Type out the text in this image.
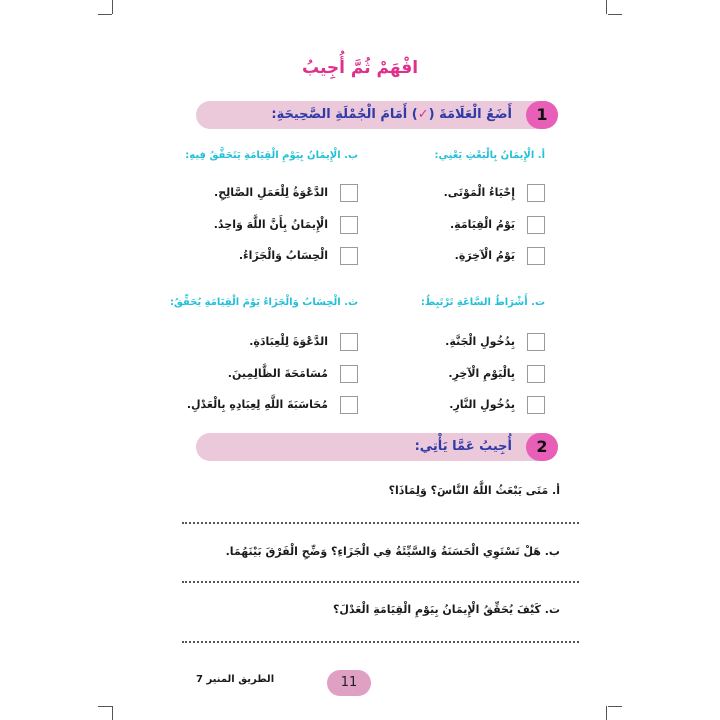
افْهَمْ ثُمَّ أُجِيبُ
1
أَضَعُ الْعَلَامَةَ (✓) أَمَامَ الْجُمْلَةِ الصَّحِيحَةِ:
أ. الْإِيمَانُ بِالْبَعْثِ يَعْنِي:
إِحْيَاءُ الْمَوْتَى.
يَوْمُ الْقِيَامَةِ.
يَوْمُ الْآخِرَةِ.
ب. الْإِيمَانُ بِيَوْمِ الْقِيَامَةِ يَتَحَقَّقُ فِيهِ:
الدَّعْوَةُ لِلْعَمَلِ الصَّالِحِ.
الْإِيمَانُ بِأَنَّ اللَّهَ وَاحِدٌ.
الْحِسَابُ وَالْجَزَاءُ.
ت. أَشْرَاطُ السَّاعَةِ تَرْتَبِطُ:
بِدُخُولِ الْجَنَّةِ.
بِالْيَوْمِ الْآخِرِ.
بِدُخُولِ النَّارِ.
ث. الْحِسَابُ وَالْجَزَاءُ يَوْمَ الْقِيَامَةِ يُحَقِّقُ:
الدَّعْوَةَ لِلْعِبَادَةِ.
مُسَامَحَةَ الظَّالِمِينَ.
مُحَاسَبَةَ اللَّهِ لِعِبَادِهِ بِالْعَدْلِ.
2
أُجِيبُ عَمَّا يَأْتِي:
أ. مَتَى يَبْعَثُ اللَّهُ النَّاسَ؟ وَلِمَاذَا؟
ب. هَلْ تَسْتَوِي الْحَسَنَةُ وَالسَّيِّئَةُ فِي الْجَزَاءِ؟ وَضِّحِ الْفَرْقَ بَيْنَهُمَا.
ت. كَيْفَ يُحَقِّقُ الْإِيمَانُ بِيَوْمِ الْقِيَامَةِ الْعَدْلَ؟
الطريق المنير 7	11
